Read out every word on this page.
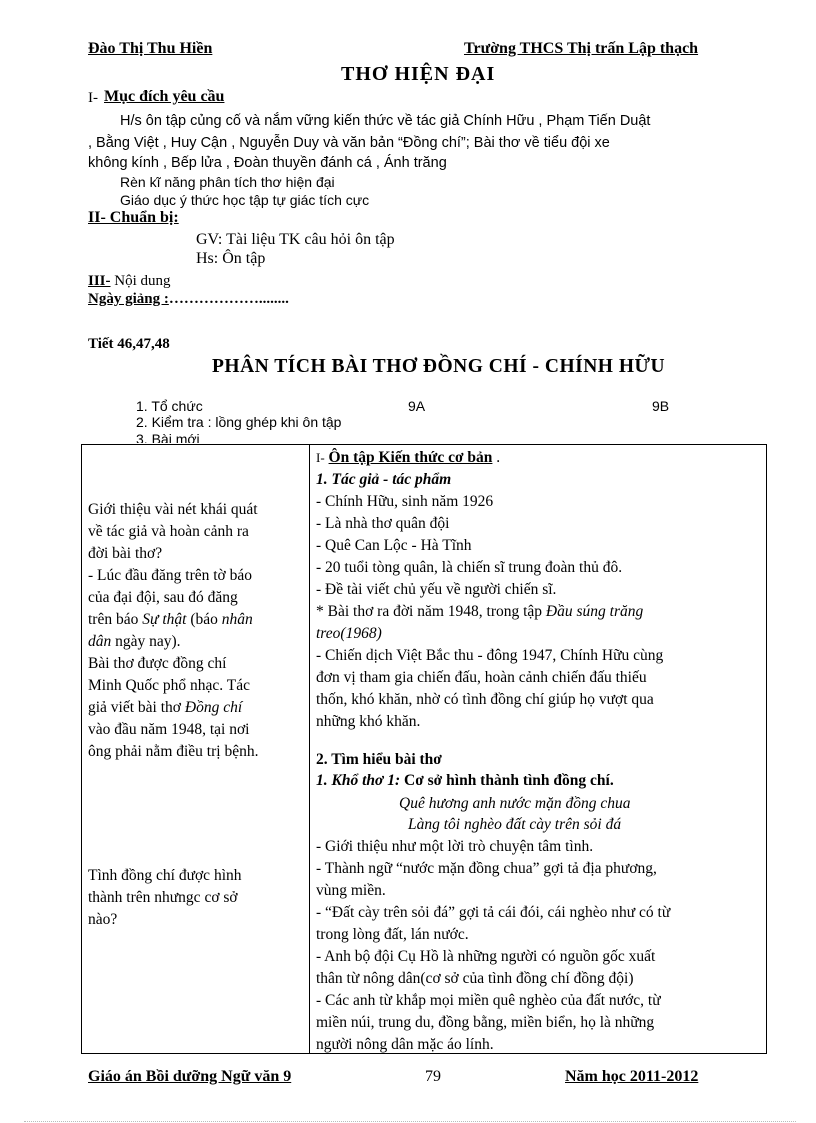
Đào Thị Thu Hiền	Trường THCS Thị trấn Lập thạch
THƠ HIỆN ĐẠI
I- Mục đích yêu cầu
H/s ôn tập củng cố và nắm vững kiến thức về tác giả Chính Hữu , Phạm Tiến Duật
, Bằng Việt , Huy Cận , Nguyễn Duy và văn bản “Đồng chí”; Bài thơ về tiểu đội xe
không kính , Bếp lửa , Đoàn thuyền đánh cá , Ánh trăng
Rèn kĩ năng phân tích thơ hiện đại
Giáo dục ý thức học tập tự giác tích cực
II- Chuẩn bị:
GV: Tài liệu TK câu hỏi ôn tập
Hs: Ôn tập
III- Nội dung
Ngày giảng :………………........
Tiết 46,47,48
PHÂN TÍCH BÀI THƠ ĐỒNG CHÍ - CHÍNH HỮU
1. Tổ chức	9A	9B
2. Kiểm tra : lồng ghép khi ôn tập
3. Bài mới
Giới thiệu vài nét khái quát
về tác giả và hoàn cảnh ra
đời bài thơ?
- Lúc đầu đăng trên tờ báo
của đại đội, sau đó đăng
trên báo Sự thật (báo nhân
dân ngày nay).
Bài thơ được đồng chí
Minh Quốc phổ nhạc. Tác
giả viết bài thơ Đồng chí
vào đầu năm 1948, tại nơi
ông phải nằm điều trị bệnh.
Tình đồng chí được hình
thành trên nhưngc cơ sở
nào?
I- Ôn tập Kiến thức cơ bản .
1. Tác giả - tác phẩm
- Chính Hữu, sinh năm 1926
- Là nhà thơ quân đội
- Quê Can Lộc - Hà Tĩnh
- 20 tuổi tòng quân, là chiến sĩ trung đoàn thủ đô.
- Đề tài viết chủ yếu về người chiến sĩ.
* Bài thơ ra đời năm 1948, trong tập Đầu súng trăng
treo(1968)
- Chiến dịch Việt Bắc thu - đông 1947, Chính Hữu cùng
đơn vị tham gia chiến đấu, hoàn cảnh chiến đấu thiếu
thốn, khó khăn, nhờ có tình đồng chí giúp họ vượt qua
những khó khăn.
2. Tìm hiểu bài thơ
1. Khổ thơ 1: Cơ sở hình thành tình đồng chí.
Quê hương anh nước mặn đồng chua
Làng tôi nghèo đất cày trên sỏi đá
- Giới thiệu như một lời trò chuyện tâm tình.
- Thành ngữ “nước mặn đồng chua” gợi tả địa phương,
vùng miền.
- “Đất cày trên sỏi đá” gợi tả cái đói, cái nghèo như có từ
trong lòng đất, lán nước.
- Anh bộ đội Cụ Hồ là những người có nguồn gốc xuất
thân từ nông dân(cơ sở của tình đồng chí đồng đội)
- Các anh từ khắp mọi miền quê nghèo của đất nước, từ
miền núi, trung du, đồng bằng, miền biển, họ là những
người nông dân mặc áo lính.
Giáo án Bồi dưỡng Ngữ văn 9	79	Năm học 2011-2012
